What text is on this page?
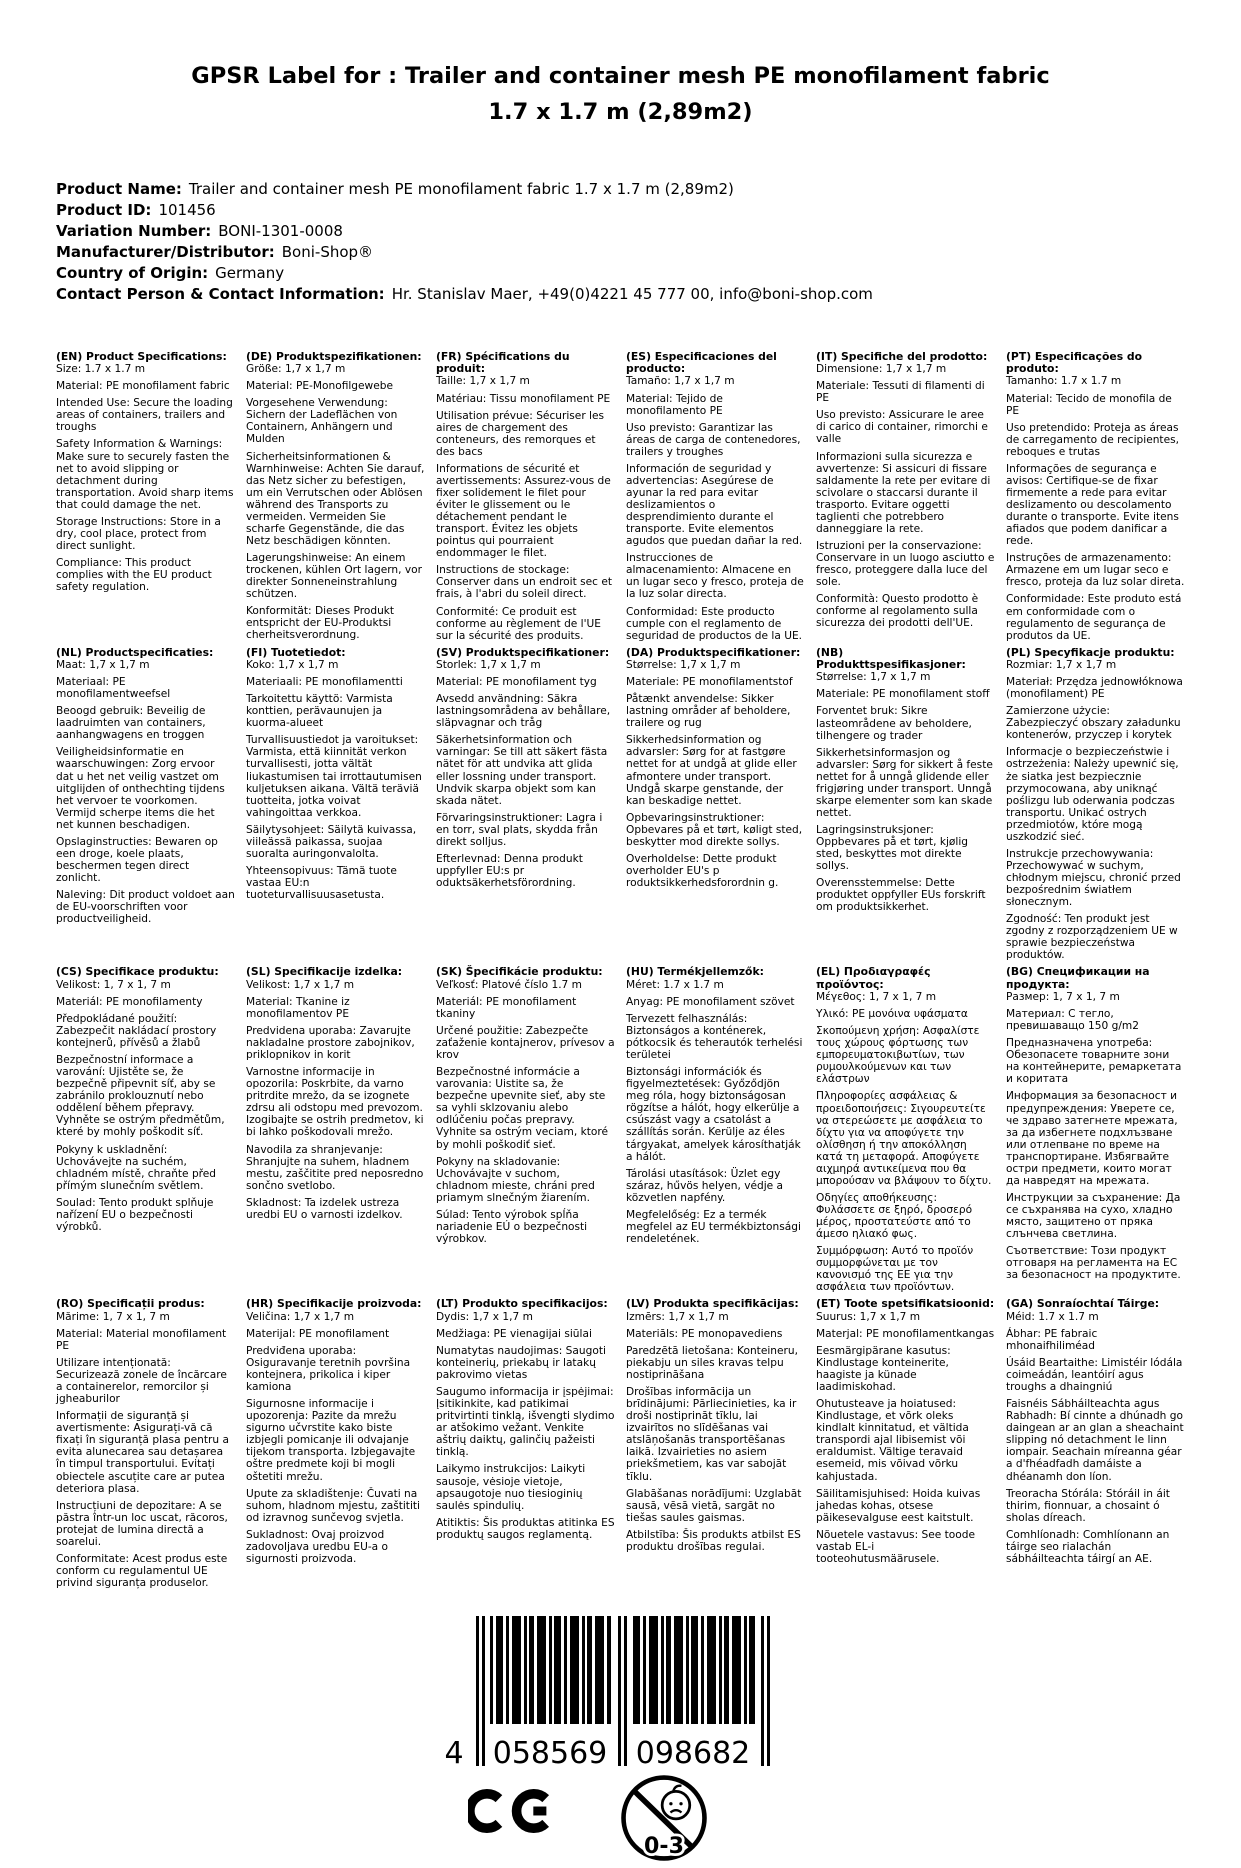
GPSR Label for : Trailer and container mesh PE monofilament fabric
1.7 x 1.7 m (2,89m2)
Product Name: Trailer and container mesh PE monofilament fabric 1.7 x 1.7 m (2,89m2)
Product ID: 101456
Variation Number: BONI-1301-0008
Manufacturer/Distributor: Boni-Shop®
Country of Origin: Germany
Contact Person & Contact Information: Hr. Stanislav Maer, +49(0)4221 45 777 00, info@boni-shop.com
(EN) Product Specifications:

Size: 1.7 x 1.7 m

Material: PE monofilament fabric

Intended Use: Secure the loading areas of containers, trailers and troughs

Safety Information & Warnings: Make sure to securely fasten the net to avoid slipping or detachment during transportation. Avoid sharp items that could damage the net.

Storage Instructions: Store in a dry, cool place, protect from direct sunlight.

Compliance: This product complies with the EU product safety regulation.

(DE) Produktspezifikationen:

Größe: 1,7 x 1,7 m

Material: PE-Monofilgewebe

Vorgesehene Verwendung: Sichern der Ladeflächen von Containern, Anhängern und Mulden

Sicherheitsinformationen & Warnhinweise: Achten Sie darauf, das Netz sicher zu befestigen, um ein Verrutschen oder Ablösen während des Transports zu vermeiden. Vermeiden Sie scharfe Gegenstände, die das Netz beschädigen könnten.

Lagerungshinweise: An einem trockenen, kühlen Ort lagern, vor direkter Sonneneinstrahlung schützen.

Konformität: Dieses Produkt entspricht der EU-Produktsi cherheitsverordnung.

(FR) Spécifications du produit:

Taille: 1,7 x 1,7 m

Matériau: Tissu monofilament PE

Utilisation prévue: Sécuriser les aires de chargement des conteneurs, des remorques et des bacs

Informations de sécurité et avertissements: Assurez-vous de fixer solidement le filet pour éviter le glissement ou le détachement pendant le transport. Évitez les objets pointus qui pourraient endommager le filet.

Instructions de stockage: Conserver dans un endroit sec et frais, à l'abri du soleil direct.

Conformité: Ce produit est conforme au règlement de l'UE sur la sécurité des produits.

(ES) Especificaciones del producto:

Tamaño: 1,7 x 1,7 m

Material: Tejido de monofilamento PE

Uso previsto: Garantizar las áreas de carga de contenedores, trailers y troughes

Información de seguridad y advertencias: Asegúrese de ayunar la red para evitar deslizamientos o desprendimiento durante el transporte. Evite elementos agudos que puedan dañar la red.

Instrucciones de almacenamiento: Almacene en un lugar seco y fresco, proteja de la luz solar directa.

Conformidad: Este producto cumple con el reglamento de seguridad de productos de la UE.

(IT) Specifiche del prodotto:

Dimensione: 1,7 x 1,7 m

Materiale: Tessuti di filamenti di PE

Uso previsto: Assicurare le aree di carico di container, rimorchi e valle

Informazioni sulla sicurezza e avvertenze: Si assicuri di fissare saldamente la rete per evitare di scivolare o staccarsi durante il trasporto. Evitare oggetti taglienti che potrebbero danneggiare la rete.

Istruzioni per la conservazione: Conservare in un luogo asciutto e fresco, proteggere dalla luce del sole.

Conformità: Questo prodotto è conforme al regolamento sulla sicurezza dei prodotti dell'UE.

(PT) Especificações do produto:

Tamanho: 1.7 x 1.7 m

Material: Tecido de monofila de PE

Uso pretendido: Proteja as áreas de carregamento de recipientes, reboques e trutas

Informações de segurança e avisos: Certifique-se de fixar firmemente a rede para evitar deslizamento ou descolamento durante o transporte. Evite itens afiados que podem danificar a rede.

Instruções de armazenamento: Armazene em um lugar seco e fresco, proteja da luz solar direta.

Conformidade: Este produto está em conformidade com o regulamento de segurança de produtos da UE.

(NL) Productspecificaties:

Maat: 1,7 x 1,7 m

Materiaal: PE monofilamentweefsel

Beoogd gebruik: Beveilig de laadruimten van containers, aanhangwagens en troggen

Veiligheidsinformatie en waarschuwingen: Zorg ervoor dat u het net veilig vastzet om uitglijden of onthechting tijdens het vervoer te voorkomen. Vermijd scherpe items die het net kunnen beschadigen.

Opslaginstructies: Bewaren op een droge, koele plaats, beschermen tegen direct zonlicht.

Naleving: Dit product voldoet aan de EU-voorschriften voor productveiligheid.

(FI) Tuotetiedot:

Koko: 1,7 x 1,7 m

Materiaali: PE monofilamentti

Tarkoitettu käyttö: Varmista konttien, perävaunujen ja kuorma-alueet

Turvallisuustiedot ja varoitukset: Varmista, että kiinnität verkon turvallisesti, jotta vältät liukastumisen tai irrottautumisen kuljetuksen aikana. Vältä teräviä tuotteita, jotka voivat vahingoittaa verkkoa.

Säilytysohjeet: Säilytä kuivassa, viileässä paikassa, suojaa suoralta auringonvalolta.

Yhteensopivuus: Tämä tuote vastaa EU:n tuoteturvallisuusasetusta.

(SV) Produktspecifikationer:

Storlek: 1,7 x 1,7 m

Material: PE monofilament tyg

Avsedd användning: Säkra lastningsområdena av behållare, släpvagnar och tråg

Säkerhetsinformation och varningar: Se till att säkert fästa nätet för att undvika att glida eller lossning under transport. Undvik skarpa objekt som kan skada nätet.

Förvaringsinstruktioner: Lagra i en torr, sval plats, skydda från direkt solljus.

Efterlevnad: Denna produkt uppfyller EU:s pr oduktsäkerhetsförordning.

(DA) Produktspecifikationer:

Størrelse: 1,7 x 1,7 m

Materiale: PE monofilamentstof

Påtænkt anvendelse: Sikker lastning områder af beholdere, trailere og rug

Sikkerhedsinformation og advarsler: Sørg for at fastgøre nettet for at undgå at glide eller afmontere under transport. Undgå skarpe genstande, der kan beskadige nettet.

Opbevaringsinstruktioner: Opbevares på et tørt, køligt sted, beskytter mod direkte sollys.

Overholdelse: Dette produkt overholder EU's p roduktsikkerhedsforordnin g.

(NB) Produkttspesifikasjoner:

Størrelse: 1,7 x 1,7 m

Materiale: PE monofilament stoff

Forventet bruk: Sikre lasteområdene av beholdere, tilhengere og trader

Sikkerhetsinformasjon og advarsler: Sørg for sikkert å feste nettet for å unngå glidende eller frigjøring under transport. Unngå skarpe elementer som kan skade nettet.

Lagringsinstruksjoner: Oppbevares på et tørt, kjølig sted, beskyttes mot direkte sollys.

Overensstemmelse: Dette produktet oppfyller EUs forskrift om produktsikkerhet.

(PL) Specyfikacje produktu:

Rozmiar: 1,7 x 1,7 m

Materiał: Przędza jednowłóknowa (monofilament) PE

Zamierzone użycie: Zabezpieczyć obszary załadunku kontenerów, przyczep i korytek

Informacje o bezpieczeństwie i ostrzeżenia: Należy upewnić się, że siatka jest bezpiecznie przymocowana, aby uniknąć poślizgu lub oderwania podczas transportu. Unikać ostrych przedmiotów, które mogą uszkodzić sieć.

Instrukcje przechowywania: Przechowywać w suchym, chłodnym miejscu, chronić przed bezpośrednim światłem słonecznym.

Zgodność: Ten produkt jest zgodny z rozporządzeniem UE w sprawie bezpieczeństwa produktów.

(CS) Specifikace produktu:

Velikost: 1, 7 x 1, 7 m

Materiál: PE monofilamenty

Předpokládané použití: Zabezpečit nakládací prostory kontejnerů, přívěsů a žlabů

Bezpečnostní informace a varování: Ujistěte se, že bezpečně připevnit síť, aby se zabránilo proklouznutí nebo oddělení během přepravy. Vyhněte se ostrým předmětům, které by mohly poškodit síť.

Pokyny k uskladnění: Uchovávejte na suchém, chladném místě, chraňte před přímým slunečním světlem.

Soulad: Tento produkt splňuje nařízení EU o bezpečnosti výrobků.

(SL) Specifikacije izdelka:

Velikost: 1,7 x 1,7 m

Material: Tkanine iz monofilamentov PE

Predvidena uporaba: Zavarujte nakladalne prostore zabojnikov, priklopnikov in korit

Varnostne informacije in opozorila: Poskrbite, da varno pritrdite mrežo, da se izognete zdrsu ali odstopu med prevozom. Izogibajte se ostrih predmetov, ki bi lahko poškodovali mrežo.

Navodila za shranjevanje: Shranjujte na suhem, hladnem mestu, zaščitite pred neposredno sončno svetlobo.

Skladnost: Ta izdelek ustreza uredbi EU o varnosti izdelkov.

(SK) Špecifikácie produktu:

Veľkosť: Platové číslo 1.7 m

Materiál: PE monofilament tkaniny

Určené použitie: Zabezpečte zaťaženie kontajnerov, prívesov a krov

Bezpečnostné informácie a varovania: Uistite sa, že bezpečne upevnite sieť, aby ste sa vyhli sklzovaniu alebo odlúčeniu počas prepravy. Vyhnite sa ostrým veciam, ktoré by mohli poškodiť sieť.

Pokyny na skladovanie: Uchovávajte v suchom, chladnom mieste, chráni pred priamym slnečným žiarením.

Súlad: Tento výrobok spĺňa nariadenie EÚ o bezpečnosti výrobkov.

(HU) Termékjellemzők:

Méret: 1.7 x 1.7 m

Anyag: PE monofilament szövet

Tervezett felhasználás: Biztonságos a konténerek, pótkocsik és teherautók terhelési területei

Biztonsági információk és figyelmeztetések: Győződjön meg róla, hogy biztonságosan rögzítse a hálót, hogy elkerülje a csúszást vagy a csatolást a szállítás során. Kerülje az éles tárgyakat, amelyek károsíthatják a hálót.

Tárolási utasítások: Üzlet egy száraz, hűvös helyen, védje a közvetlen napfény.

Megfelelőség: Ez a termék megfelel az EU termékbiztonsági rendeletének.

(EL) Προδιαγραφές προϊόντος:

Μέγεθος: 1, 7 x 1, 7 m

Υλικό: PE μονόινα υφάσματα

Σκοπούμενη χρήση: Ασφαλίστε τους χώρους φόρτωσης των εμπορευματοκιβωτίων, των ρυμουλκούμενων και των ελάστρων

Πληροφορίες ασφάλειας & προειδοποιήσεις: Σιγουρευτείτε να στερεώσετε με ασφάλεια το δίχτυ για να αποφύγετε την ολίσθηση ή την αποκόλληση κατά τη μεταφορά. Αποφύγετε αιχμηρά αντικείμενα που θα μπορούσαν να βλάψουν το δίχτυ.

Οδηγίες αποθήκευσης: Φυλάσσετε σε ξηρό, δροσερό μέρος, προστατεύστε από το άμεσο ηλιακό φως.

Συμμόρφωση: Αυτό το προϊόν συμμορφώνεται με τον κανονισμό της ΕΕ για την ασφάλεια των προϊόντων.

(BG) Спецификации на продукта:

Размер: 1, 7 x 1, 7 m

Материал: С тегло, превишаващо 150 g/m2

Предназначена употреба: Обезопасете товарните зони на контейнерите, ремаркетата и коритата

Информация за безопасност и предупреждения: Уверете се, че здраво затегнете мрежата, за да избегнете подхлъзване или отлепване по време на транспортиране. Избягвайте остри предмети, които могат да навредят на мрежата.

Инструкции за съхранение: Да се съхранява на сухо, хладно място, защитено от пряка слънчева светлина.

Съответствие: Този продукт отговаря на регламента на ЕС за безопасност на продуктите.

(RO) Specificații produs:

Mărime: 1, 7 x 1, 7 m

Material: Material monofilament PE

Utilizare intenționată: Securizează zonele de încărcare a containerelor, remorcilor și jgheaburilor

Informații de siguranță și avertismente: Asigurați-vă că fixați în siguranță plasa pentru a evita alunecarea sau detașarea în timpul transportului. Evitați obiectele ascuțite care ar putea deteriora plasa.

Instrucțiuni de depozitare: A se păstra într-un loc uscat, răcoros, protejat de lumina directă a soarelui.

Conformitate: Acest produs este conform cu regulamentul UE privind siguranța produselor.

(HR) Specifikacije proizvoda:

Veličina: 1,7 x 1,7 m

Materijal: PE monofilament

Predviđena uporaba: Osiguravanje teretnih površina kontejnera, prikolica i kiper kamiona

Sigurnosne informacije i upozorenja: Pazite da mrežu sigurno učvrstite kako biste izbjegli pomicanje ili odvajanje tijekom transporta. Izbjegavajte oštre predmete koji bi mogli oštetiti mrežu.

Upute za skladištenje: Čuvati na suhom, hladnom mjestu, zaštititi od izravnog sunčevog svjetla.

Sukladnost: Ovaj proizvod zadovoljava uredbu EU-a o sigurnosti proizvoda.

(LT) Produkto specifikacijos:

Dydis: 1,7 x 1,7 m

Medžiaga: PE vienagijai siūlai

Numatytas naudojimas: Saugoti konteinerių, priekabų ir latakų pakrovimo vietas

Saugumo informacija ir įspėjimai: Įsitikinkite, kad patikimai pritvirtinti tinklą, išvengti slydimo ar atšokimo vežant. Venkite aštrių daiktų, galinčių pažeisti tinklą.

Laikymo instrukcijos: Laikyti sausoje, vėsioje vietoje, apsaugotoje nuo tiesioginių saulės spindulių.

Atitiktis: Šis produktas atitinka ES produktų saugos reglamentą.

(LV) Produkta specifikācijas:

Izmērs: 1,7 x 1,7 m

Materiāls: PE monopavediens

Paredzētā lietošana: Konteineru, piekabju un siles kravas telpu nostiprināšana

Drošības informācija un brīdinājumi: Pārliecinieties, ka ir droši nostiprināt tīklu, lai izvairītos no slīdēšanas vai atslāņošanās transportēšanas laikā. Izvairieties no asiem priekšmetiem, kas var sabojāt tīklu.

Glabāšanas norādījumi: Uzglabāt sausā, vēsā vietā, sargāt no tiešas saules gaismas.

Atbilstība: Šis produkts atbilst ES produktu drošības regulai.

(ET) Toote spetsifikatsioonid:

Suurus: 1,7 x 1,7 m

Materjal: PE monofilamentkangas

Eesmärgipärane kasutus: Kindlustage konteinerite, haagiste ja künade laadimiskohad.

Ohutusteave ja hoiatused: Kindlustage, et võrk oleks kindlalt kinnitatud, et vältida transpordi ajal libisemist või eraldumist. Vältige teravaid esemeid, mis võivad võrku kahjustada.

Säilitamisjuhised: Hoida kuivas jahedas kohas, otsese päikesevalguse eest kaitstult.

Nõuetele vastavus: See toode vastab EL-i tooteohutusmäärusele.

(GA) Sonraíochtaí Táirge:

Méid: 1.7 x 1.7 m

Ábhar: PE fabraic mhonaifhiliméad

Úsáid Beartaithe: Limistéir lódála coimeádán, leantóirí agus troughs a dhaingniú

Faisnéis Sábháilteachta agus Rabhadh: Bí cinnte a dhúnadh go daingean ar an glan a sheachaint slipping nó detachment le linn iompair. Seachain míreanna géar a d'fhéadfadh damáiste a dhéanamh don líon.

Treoracha Stórála: Stóráil in áit thirim, fionnuar, a chosaint ó sholas díreach.

Comhlíonadh: Comhlíonann an táirge seo rialachán sábháilteachta táirgí an AE.

4 058569 098682
0-3
